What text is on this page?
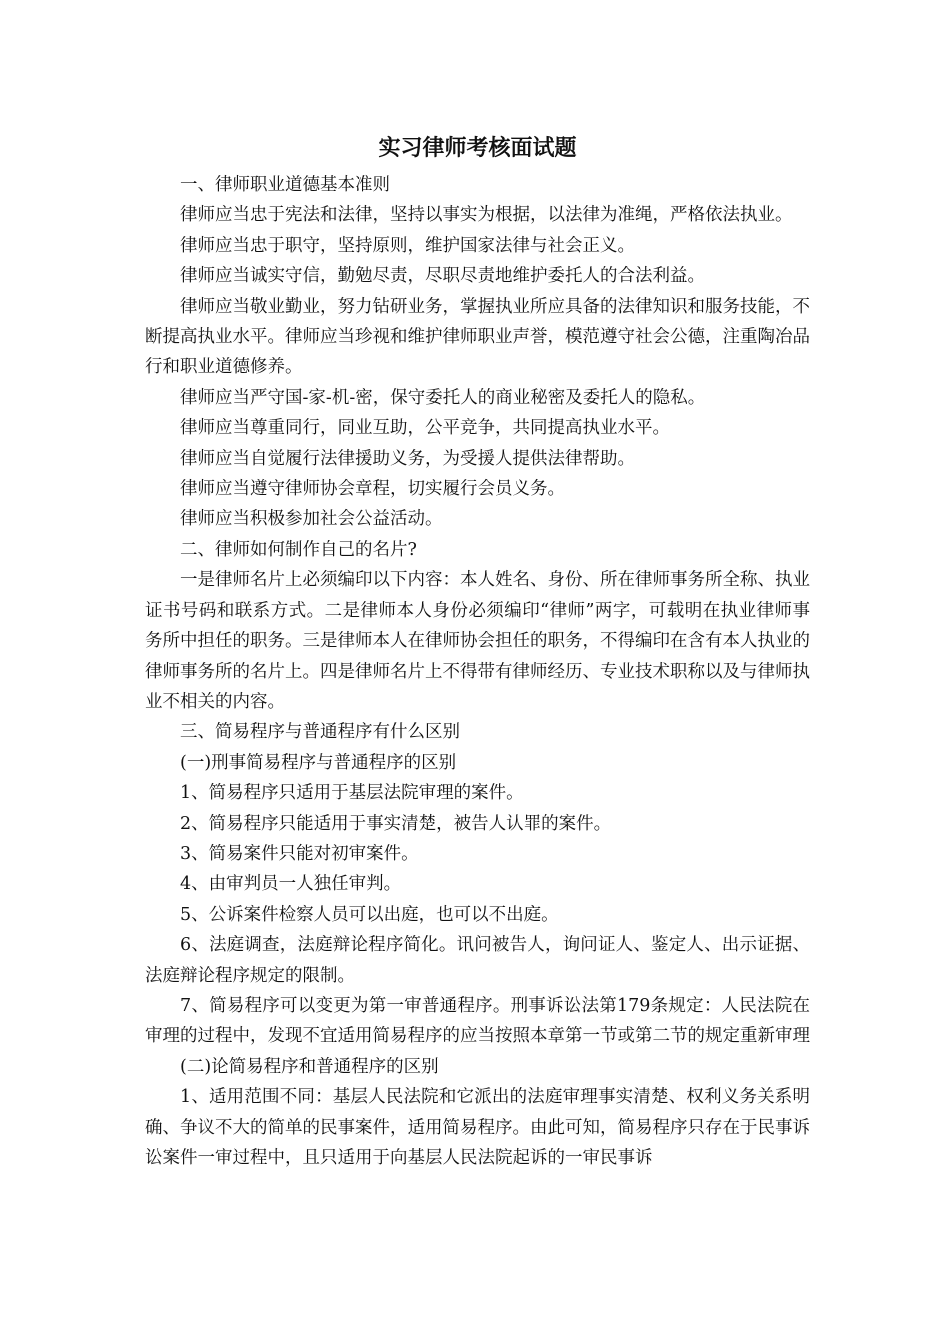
实习律师考核面试题

一、律师职业道德基本准则

律师应当忠于宪法和法律，坚持以事实为根据，以法律为准绳，严格依法执业。

律师应当忠于职守，坚持原则，维护国家法律与社会正义。

律师应当诚实守信，勤勉尽责，尽职尽责地维护委托人的合法利益。

律师应当敬业勤业，努力钻研业务，掌握执业所应具备的法律知识和服务技能，不断提高执业水平。律师应当珍视和维护律师职业声誉，模范遵守社会公德，注重陶冶品行和职业道德修养。

律师应当严守国-家-机-密，保守委托人的商业秘密及委托人的隐私。

律师应当尊重同行，同业互助，公平竞争，共同提高执业水平。

律师应当自觉履行法律援助义务，为受援人提供法律帮助。

律师应当遵守律师协会章程，切实履行会员义务。

律师应当积极参加社会公益活动。

二、律师如何制作自己的名片?

一是律师名片上必须编印以下内容：本人姓名、身份、所在律师事务所全称、执业证书号码和联系方式。二是律师本人身份必须编印“律师”两字，可载明在执业律师事务所中担任的职务。三是律师本人在律师协会担任的职务，不得编印在含有本人执业的律师事务所的名片上。四是律师名片上不得带有律师经历、专业技术职称以及与律师执业不相关的内容。

三、简易程序与普通程序有什么区别

(一)刑事简易程序与普通程序的区别

1、简易程序只适用于基层法院审理的案件。

2、简易程序只能适用于事实清楚，被告人认罪的案件。

3、简易案件只能对初审案件。

4、由审判员一人独任审判。

5、公诉案件检察人员可以出庭，也可以不出庭。

6、法庭调查，法庭辩论程序简化。讯问被告人，询问证人、鉴定人、出示证据、法庭辩论程序规定的限制。

7、简易程序可以变更为第一审普通程序。刑事诉讼法第179条规定：人民法院在审理的过程中，发现不宜适用简易程序的应当按照本章第一节或第二节的规定重新审理

(二)论简易程序和普通程序的区别

1、适用范围不同：基层人民法院和它派出的法庭审理事实清楚、权利义务关系明确、争议不大的简单的民事案件，适用简易程序。由此可知，简易程序只存在于民事诉讼案件一审过程中，且只适用于向基层人民法院起诉的一审民事诉
